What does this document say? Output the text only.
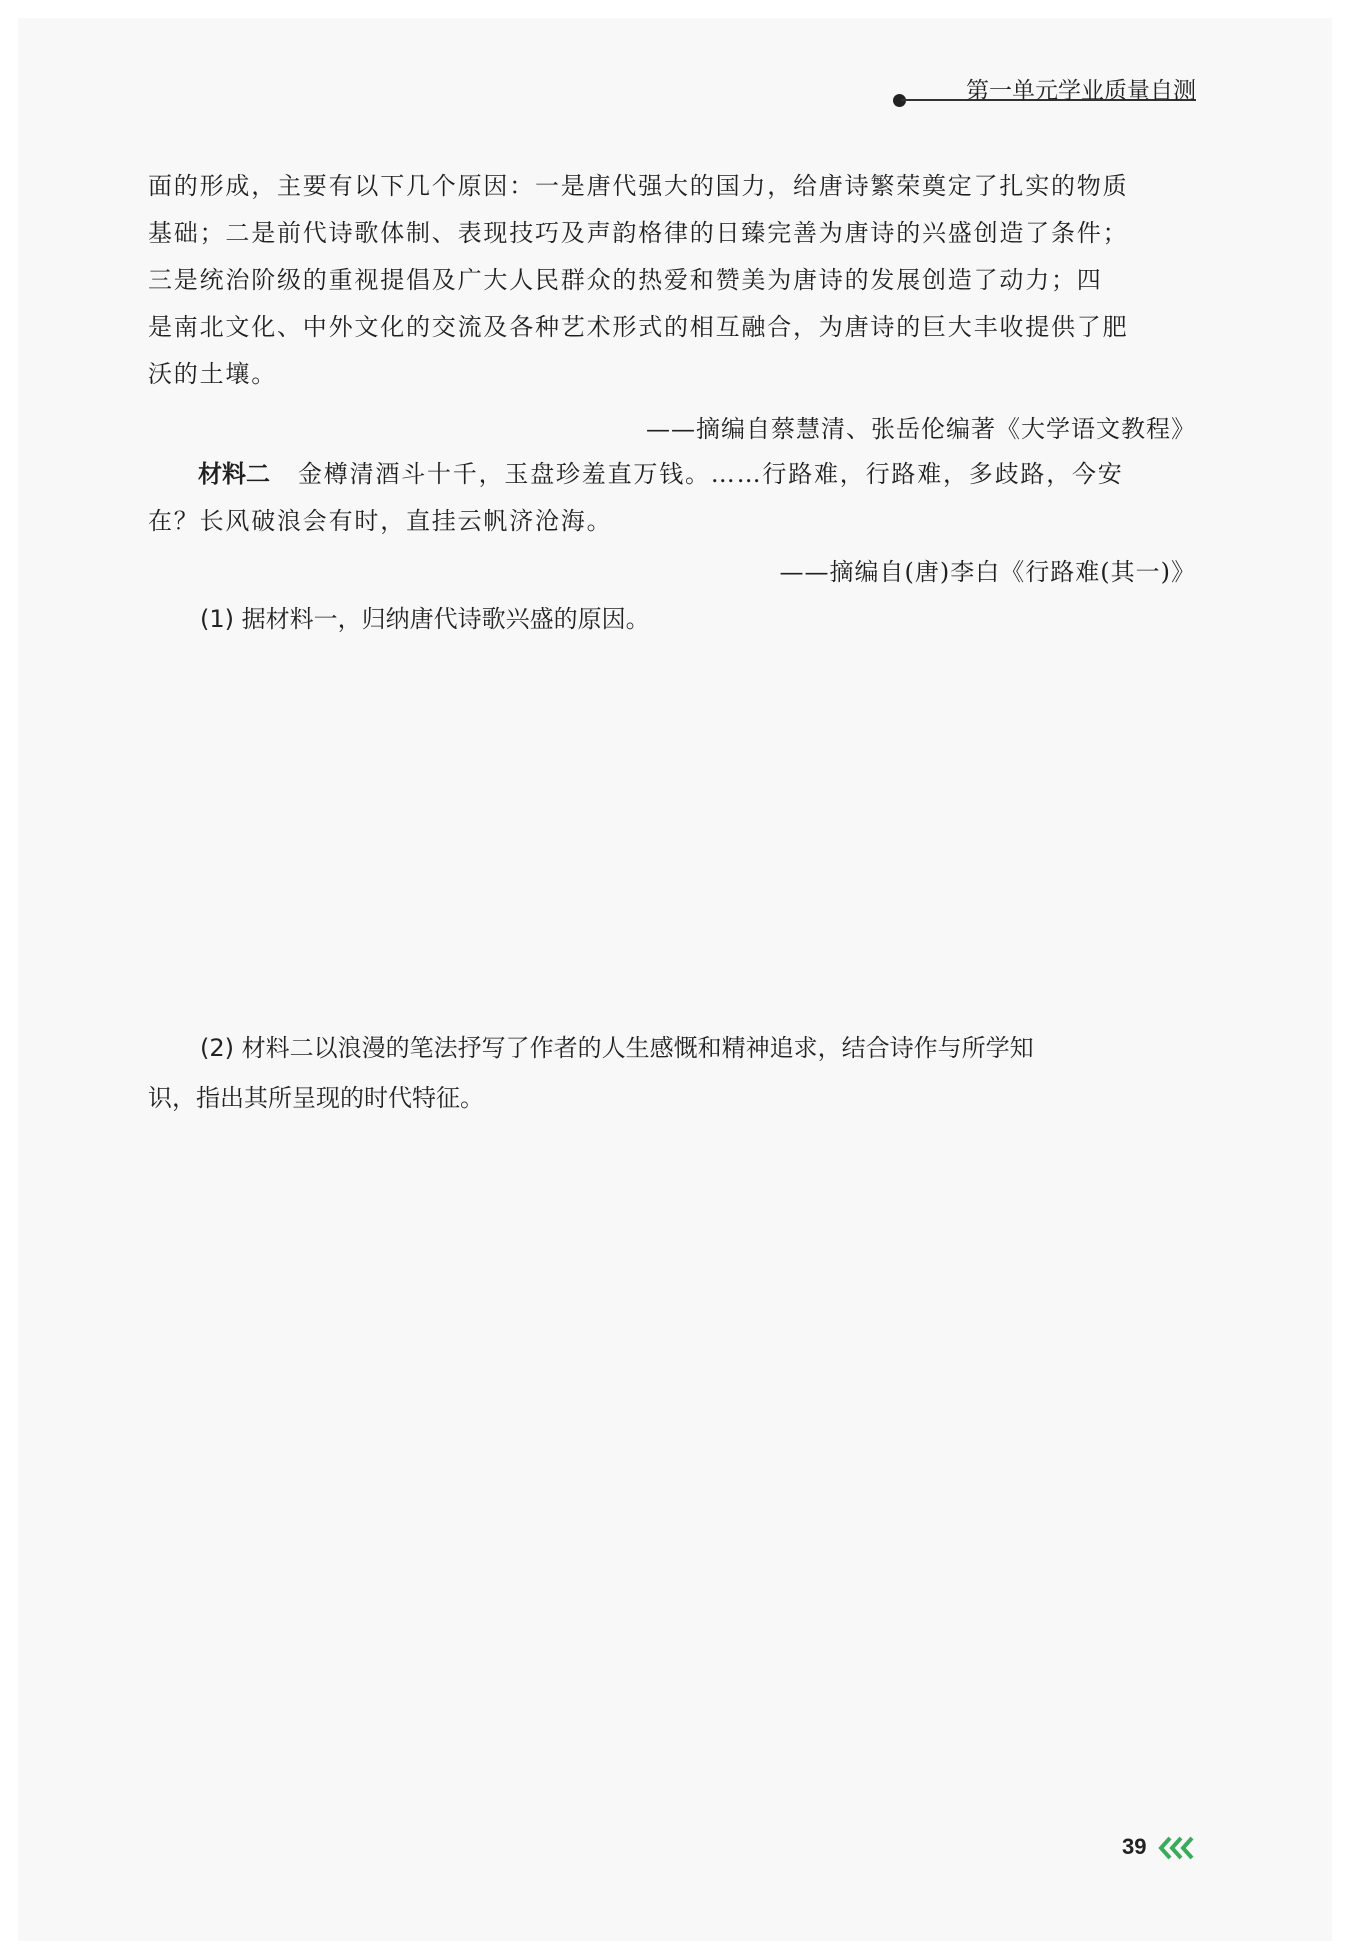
第一单元学业质量自测
面的形成，主要有以下几个原因：一是唐代强大的国力，给唐诗繁荣奠定了扎实的物质
基础；二是前代诗歌体制、表现技巧及声韵格律的日臻完善为唐诗的兴盛创造了条件；
三是统治阶级的重视提倡及广大人民群众的热爱和赞美为唐诗的发展创造了动力；四
是南北文化、中外文化的交流及各种艺术形式的相互融合，为唐诗的巨大丰收提供了肥
沃的土壤。
——摘编自蔡慧清、张岳伦编著《大学语文教程》
材料二 金樽清酒斗十千，玉盘珍羞直万钱。……行路难，行路难，多歧路，今安
在？长风破浪会有时，直挂云帆济沧海。
——摘编自(唐)李白《行路难(其一)》
(1) 据材料一，归纳唐代诗歌兴盛的原因。
(2) 材料二以浪漫的笔法抒写了作者的人生感慨和精神追求，结合诗作与所学知
识，指出其所呈现的时代特征。
39
